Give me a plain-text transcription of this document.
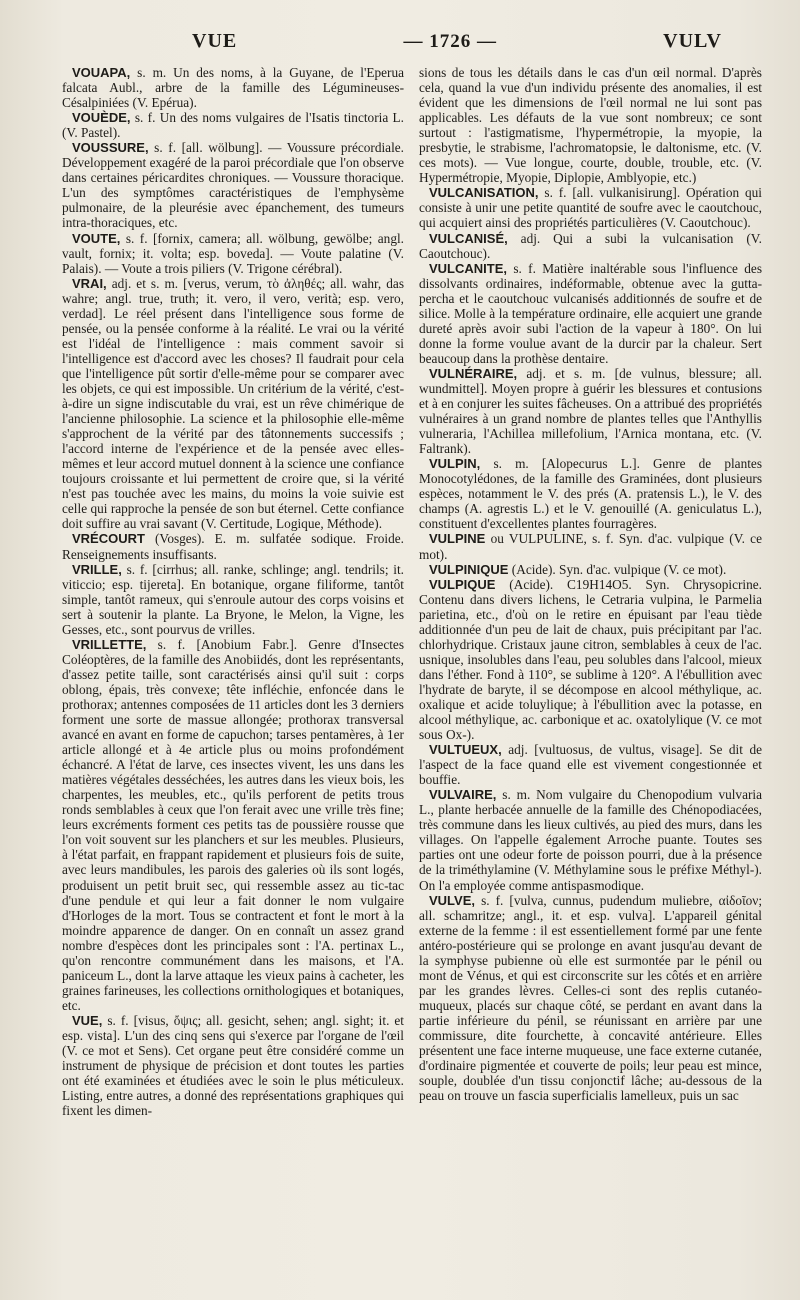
VUE	— 1726 —	VULV
VOUAPA, s. m. Un des noms, à la Guyane, de l'Eperua falcata Aubl., arbre de la famille des Légumineuses-Césalpiniées (V. Epérua).
VOUÈDE, s. f. Un des noms vulgaires de l'Isatis tinctoria L. (V. Pastel).
VOUSSURE, s. f. [all. wölbung]. — Voussure précordiale. Développement exagéré de la paroi précordiale que l'on observe dans certaines péricardites chroniques. — Voussure thoracique. L'un des symptômes caractéristiques de l'emphysème pulmonaire, de la pleurésie avec épanchement, des tumeurs intra-thoraciques, etc.
VOUTE, s. f. [fornix, camera; all. wölbung, gewölbe; angl. vault, fornix; it. volta; esp. boveda]. — Voute palatine (V. Palais). — Voute a trois piliers (V. Trigone cérébral).
VRAI, adj. et s. m. [verus, verum, τὸ ἀληθές; all. wahr, das wahre; angl. true, truth; it. vero, il vero, verità; esp. vero, verdad]. Le réel présent dans l'intelligence sous forme de pensée, ou la pensée conforme à la réalité. Le vrai ou la vérité est l'idéal de l'intelligence : mais comment savoir si l'intelligence est d'accord avec les choses? Il faudrait pour cela que l'intelligence pût sortir d'elle-même pour se comparer avec les objets, ce qui est impossible. Un critérium de la vérité, c'est-à-dire un signe indiscutable du vrai, est un rêve chimérique de l'ancienne philosophie. La science et la philosophie elle-même s'approchent de la vérité par des tâtonnements successifs ; l'accord interne de l'expérience et de la pensée avec elles-mêmes et leur accord mutuel donnent à la science une confiance toujours croissante et lui permettent de croire que, si la vérité n'est pas touchée avec les mains, du moins la voie suivie est celle qui rapproche la pensée de son but éternel. Cette confiance doit suffire au vrai savant (V. Certitude, Logique, Méthode).
VRÉCOURT (Vosges). E. m. sulfatée sodique. Froide. Renseignements insuffisants.
VRILLE, s. f. [cirrhus; all. ranke, schlinge; angl. tendrils; it. viticcio; esp. tijereta]. En botanique, organe filiforme, tantôt simple, tantôt rameux, qui s'enroule autour des corps voisins et sert à soutenir la plante. La Bryone, le Melon, la Vigne, les Gesses, etc., sont pourvus de vrilles.
VRILLETTE, s. f. [Anobium Fabr.]. Genre d'Insectes Coléoptères, de la famille des Anobiidés, dont les représentants, d'assez petite taille, sont caractérisés ainsi qu'il suit : corps oblong, épais, très convexe; tête infléchie, enfoncée dans le prothorax; antennes composées de 11 articles dont les 3 derniers forment une sorte de massue allongée; prothorax transversal avancé en avant en forme de capuchon; tarses pentamères, à 1er article allongé et à 4e article plus ou moins profondément échancré. A l'état de larve, ces insectes vivent, les uns dans les matières végétales desséchées, les autres dans les vieux bois, les charpentes, les meubles, etc., qu'ils perforent de petits trous ronds semblables à ceux que l'on ferait avec une vrille très fine; leurs excréments forment ces petits tas de poussière rousse que l'on voit souvent sur les planchers et sur les meubles. Plusieurs, à l'état parfait, en frappant rapidement et plusieurs fois de suite, avec leurs mandibules, les parois des galeries où ils sont logés, produisent un petit bruit sec, qui ressemble assez au tic-tac d'une pendule et qui leur a fait donner le nom vulgaire d'Horloges de la mort. Tous se contractent et font le mort à la moindre apparence de danger. On en connaît un assez grand nombre d'espèces dont les principales sont : l'A. pertinax L., qu'on rencontre communément dans les maisons, et l'A. paniceum L., dont la larve attaque les vieux pains à cacheter, les graines farineuses, les collections ornithologiques et botaniques, etc.
VUE, s. f. [visus, ὄψις; all. gesicht, sehen; angl. sight; it. et esp. vista]. L'un des cinq sens qui s'exerce par l'organe de l'œil (V. ce mot et Sens). Cet organe peut être considéré comme un instrument de physique de précision et dont toutes les parties ont été examinées et étudiées avec le soin le plus méticuleux. Listing, entre autres, a donné des représentations graphiques qui fixent les dimen-
sions de tous les détails dans le cas d'un œil normal. D'après cela, quand la vue d'un individu présente des anomalies, il est évident que les dimensions de l'œil normal ne lui sont pas applicables. Les défauts de la vue sont nombreux; ce sont surtout : l'astigmatisme, l'hypermétropie, la myopie, la presbytie, le strabisme, l'achromatopsie, le daltonisme, etc. (V. ces mots). — Vue longue, courte, double, trouble, etc. (V. Hypermétropie, Myopie, Diplopie, Amblyopie, etc.)
VULCANISATION, s. f. [all. vulkanisirung]. Opération qui consiste à unir une petite quantité de soufre avec le caoutchouc, qui acquiert ainsi des propriétés particulières (V. Caoutchouc).
VULCANISÉ, adj. Qui a subi la vulcanisation (V. Caoutchouc).
VULCANITE, s. f. Matière inaltérable sous l'influence des dissolvants ordinaires, indéformable, obtenue avec la gutta-percha et le caoutchouc vulcanisés additionnés de soufre et de silice. Molle à la température ordinaire, elle acquiert une grande dureté après avoir subi l'action de la vapeur à 180°. On lui donne la forme voulue avant de la durcir par la chaleur. Sert beaucoup dans la prothèse dentaire.
VULNÉRAIRE, adj. et s. m. [de vulnus, blessure; all. wundmittel]. Moyen propre à guérir les blessures et contusions et à en conjurer les suites fâcheuses. On a attribué des propriétés vulnéraires à un grand nombre de plantes telles que l'Anthyllis vulneraria, l'Achillea millefolium, l'Arnica montana, etc. (V. Faltrank).
VULPIN, s. m. [Alopecurus L.]. Genre de plantes Monocotylédones, de la famille des Graminées, dont plusieurs espèces, notamment le V. des prés (A. pratensis L.), le V. des champs (A. agrestis L.) et le V. genouillé (A. geniculatus L.), constituent d'excellentes plantes fourragères.
VULPINE ou VULPULINE, s. f. Syn. d'ac. vulpique (V. ce mot).
VULPINIQUE (Acide). Syn. d'ac. vulpique (V. ce mot).
VULPIQUE (Acide). C19H14O5. Syn. Chrysopicrine. Contenu dans divers lichens, le Cetraria vulpina, le Parmelia parietina, etc., d'où on le retire en épuisant par l'eau tiède additionnée d'un peu de lait de chaux, puis précipitant par l'ac. chlorhydrique. Cristaux jaune citron, semblables à ceux de l'ac. usnique, insolubles dans l'eau, peu solubles dans l'alcool, mieux dans l'éther. Fond à 110°, se sublime à 120°. A l'ébullition avec l'hydrate de baryte, il se décompose en alcool méthylique, ac. oxalique et acide toluylique; à l'ébullition avec la potasse, en alcool méthylique, ac. carbonique et ac. oxatolylique (V. ce mot sous Ox-).
VULTUEUX, adj. [vultuosus, de vultus, visage]. Se dit de l'aspect de la face quand elle est vivement congestionnée et bouffie.
VULVAIRE, s. m. Nom vulgaire du Chenopodium vulvaria L., plante herbacée annuelle de la famille des Chénopodiacées, très commune dans les lieux cultivés, au pied des murs, dans les villages. On l'appelle également Arroche puante. Toutes ses parties ont une odeur forte de poisson pourri, due à la présence de la triméthylamine (V. Méthylamine sous le préfixe Méthyl-). On l'a employée comme antispasmodique.
VULVE, s. f. [vulva, cunnus, pudendum muliebre, αἰδοῖον; all. schamritze; angl., it. et esp. vulva]. L'appareil génital externe de la femme : il est essentiellement formé par une fente antéro-postérieure qui se prolonge en avant jusqu'au devant de la symphyse pubienne où elle est surmontée par le pénil ou mont de Vénus, et qui est circonscrite sur les côtés et en arrière par les grandes lèvres. Celles-ci sont des replis cutanéo-muqueux, placés sur chaque côté, se perdant en avant dans la partie inférieure du pénil, se réunissant en arrière par une commissure, dite fourchette, à concavité antérieure. Elles présentent une face interne muqueuse, une face externe cutanée, d'ordinaire pigmentée et couverte de poils; leur peau est mince, souple, doublée d'un tissu conjonctif lâche; au-dessous de la peau on trouve un fascia superficialis lamelleux, puis un sac
